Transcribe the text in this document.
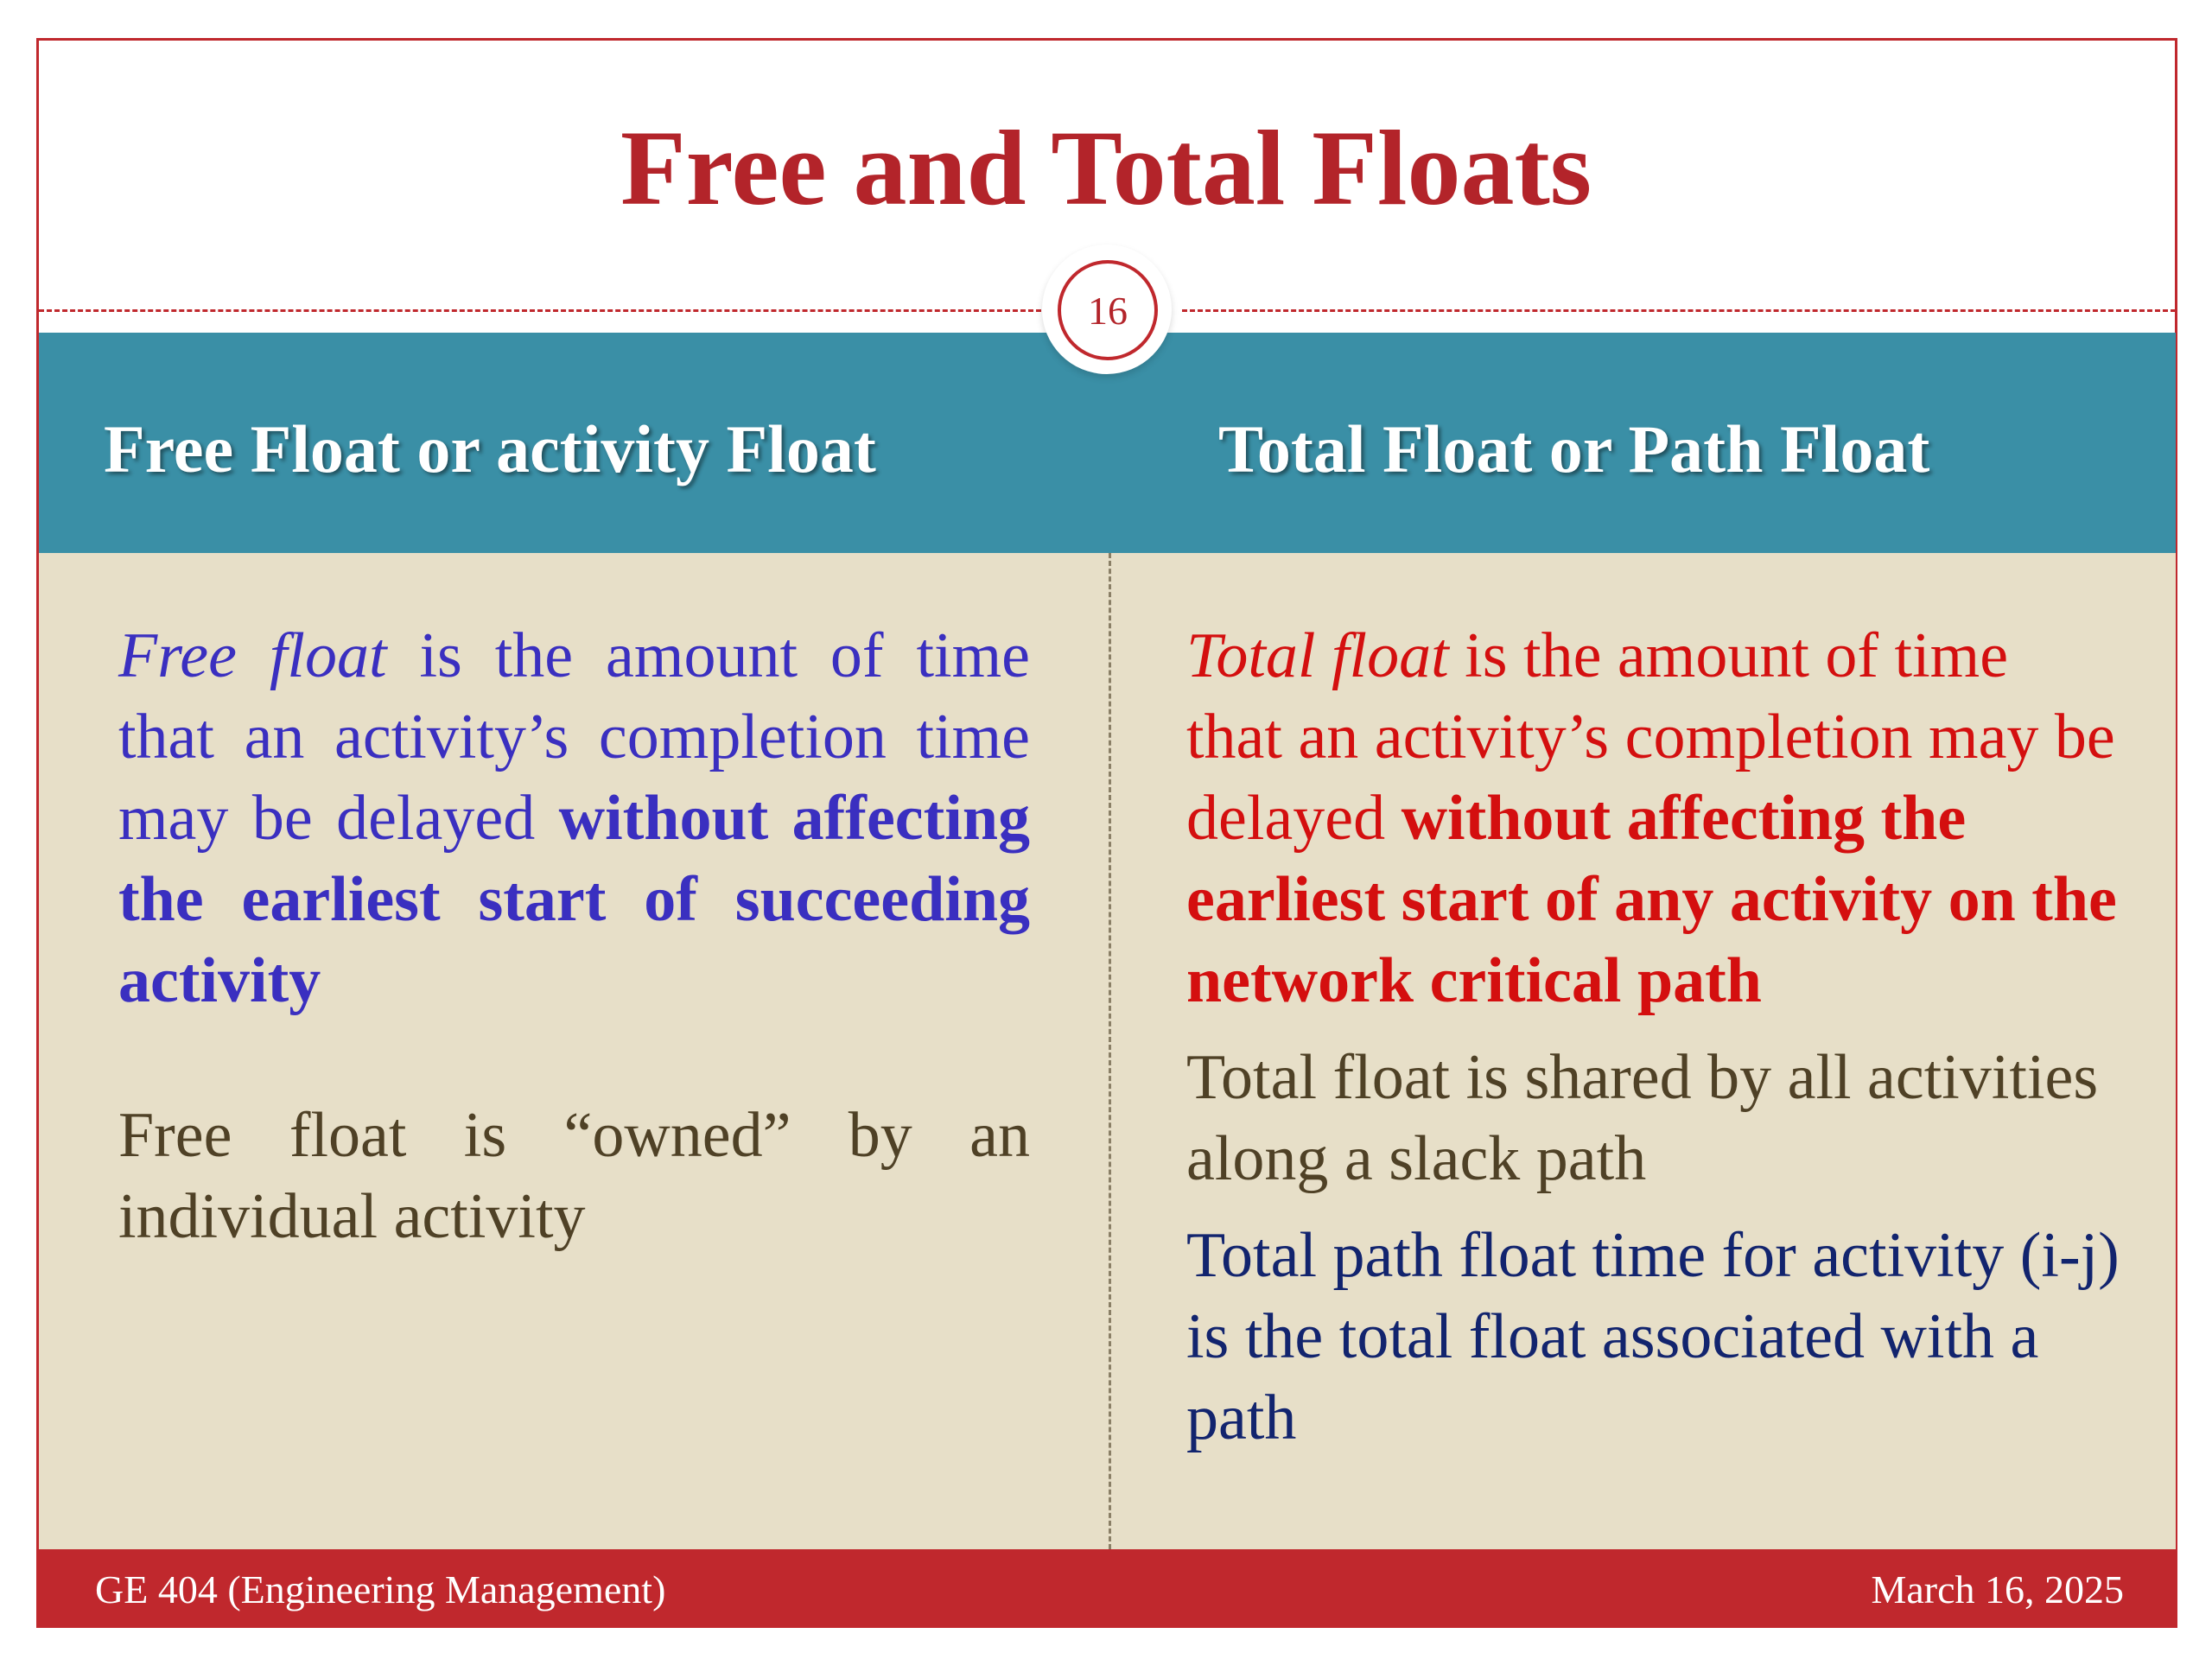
Free and Total Floats
Free Float or activity Float	Total Float or Path Float
16

Free float is the amount of time that an activity’s completion time may be delayed without affecting the earliest start of succeeding activity

Free float is “owned” by an individual activity

Total float is the amount of time that an activity’s completion may be delayed without affecting the earliest start of any activity on the network critical path

Total float is shared by all activities along a slack path

Total path float time for activity (i-j) is the total float associated with a path

GE 404 (Engineering Management)	March 16, 2025
